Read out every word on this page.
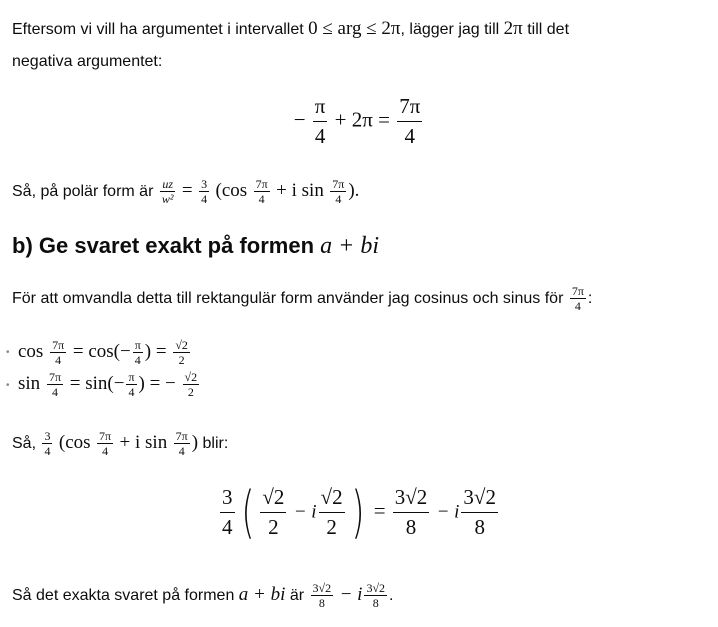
Eftersom vi vill ha argumentet i intervallet 0 ≤ arg ≤ 2π, lägger jag till 2π till det
negativa argumentet:
− $\frac{\pi}{4} + 2\pi = \frac{7\pi}{4}$
Så, på polär form är $\frac{uz}{\text{w²}} = \frac{3}{4} (\cos \frac{7\pi}{4} + i$ $\sin \frac{7\pi}{4}$ ).
b) Ge svaret exakt på formen a + bi
För att omvandla detta till rektangulär form använder jag cosinus och sinus för $\frac{7\pi}{4}$ :
• $\cos \frac{7\pi}{4} = \cos(- \frac{\pi}{4}$ ) = $\frac{√2}{2}$
• $\sin \frac{7\pi}{4} = \sin(- \frac{\pi}{4}$ ) = − $\frac{√2}{2}$
Så, $\frac{3}{4} (\cos \frac{7\pi}{4} + i$ $\sin \frac{7\pi}{4}$ ) blir:
$\frac{3}{4}$ ( $\frac{√2}{2} - i \frac{√2}{2}$ ) = $\frac{3√2}{8} - i \frac{3√2}{8}$
Så det exakta svaret på formen a + bi är $\frac{3√2}{8} - i \frac{3√2}{8}$ .
